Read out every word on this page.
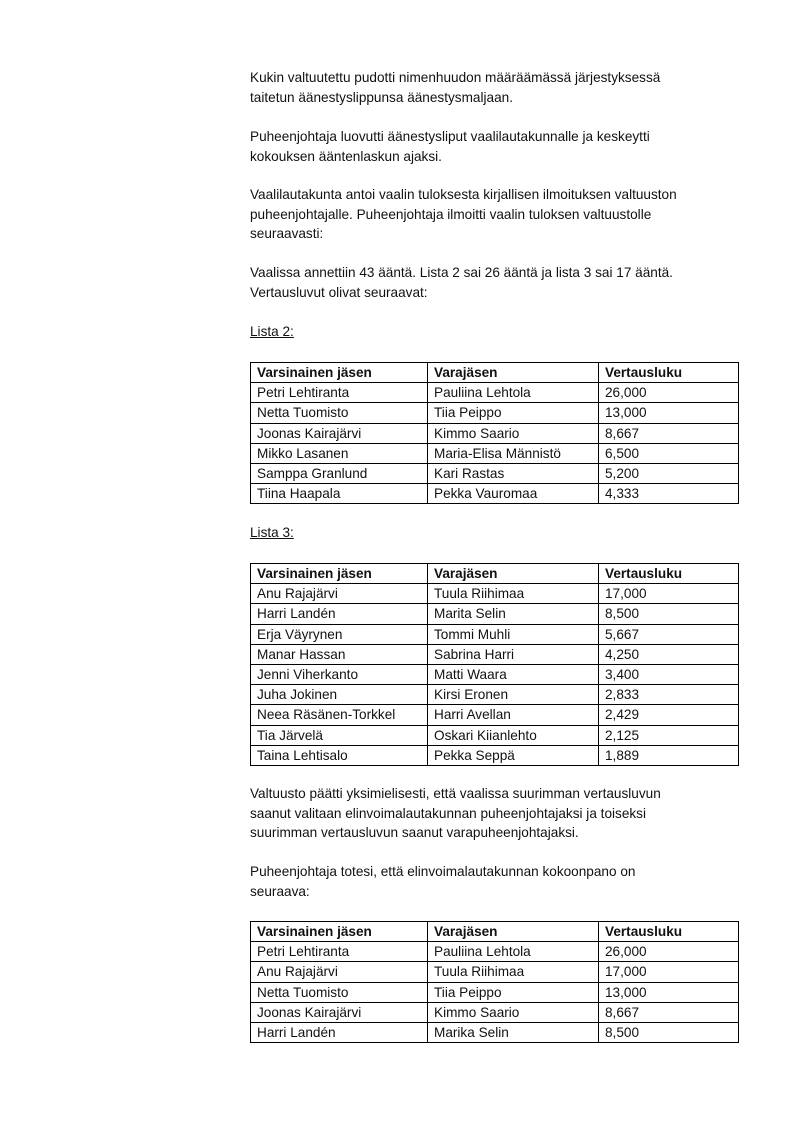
Kukin valtuutettu pudotti nimenhuudon määräämässä järjestyksessä
taitetun äänestyslippunsa äänestysmaljaan.

Puheenjohtaja luovutti äänestysliput vaalilautakunnalle ja keskeytti
kokouksen ääntenlaskun ajaksi.

Vaalilautakunta antoi vaalin tuloksesta kirjallisen ilmoituksen valtuuston
puheenjohtajalle. Puheenjohtaja ilmoitti vaalin tuloksen valtuustolle
seuraavasti:

Vaalissa annettiin 43 ääntä. Lista 2 sai 26 ääntä ja lista 3 sai 17 ääntä.
Vertausluvut olivat seuraavat:

Lista 2:

Varsinainen jäsen	Varajäsen	Vertausluku
Petri Lehtiranta	Pauliina Lehtola	26,000
Netta Tuomisto	Tiia Peippo	13,000
Joonas Kairajärvi	Kimmo Saario	8,667
Mikko Lasanen	Maria-Elisa Männistö	6,500
Samppa Granlund	Kari Rastas	5,200
Tiina Haapala	Pekka Vauromaa	4,333

Lista 3:

Varsinainen jäsen	Varajäsen	Vertausluku
Anu Rajajärvi	Tuula Riihimaa	17,000
Harri Landén	Marita Selin	8,500
Erja Väyrynen	Tommi Muhli	5,667
Manar Hassan	Sabrina Harri	4,250
Jenni Viherkanto	Matti Waara	3,400
Juha Jokinen	Kirsi Eronen	2,833
Neea Räsänen-Torkkel	Harri Avellan	2,429
Tia Järvelä	Oskari Kiianlehto	2,125
Taina Lehtisalo	Pekka Seppä	1,889

Valtuusto päätti yksimielisesti, että vaalissa suurimman vertausluvun
saanut valitaan elinvoimalautakunnan puheenjohtajaksi ja toiseksi
suurimman vertausluvun saanut varapuheenjohtajaksi.

Puheenjohtaja totesi, että elinvoimalautakunnan kokoonpano on
seuraava:

Varsinainen jäsen	Varajäsen	Vertausluku
Petri Lehtiranta	Pauliina Lehtola	26,000
Anu Rajajärvi	Tuula Riihimaa	17,000
Netta Tuomisto	Tiia Peippo	13,000
Joonas Kairajärvi	Kimmo Saario	8,667
Harri Landén	Marika Selin	8,500
